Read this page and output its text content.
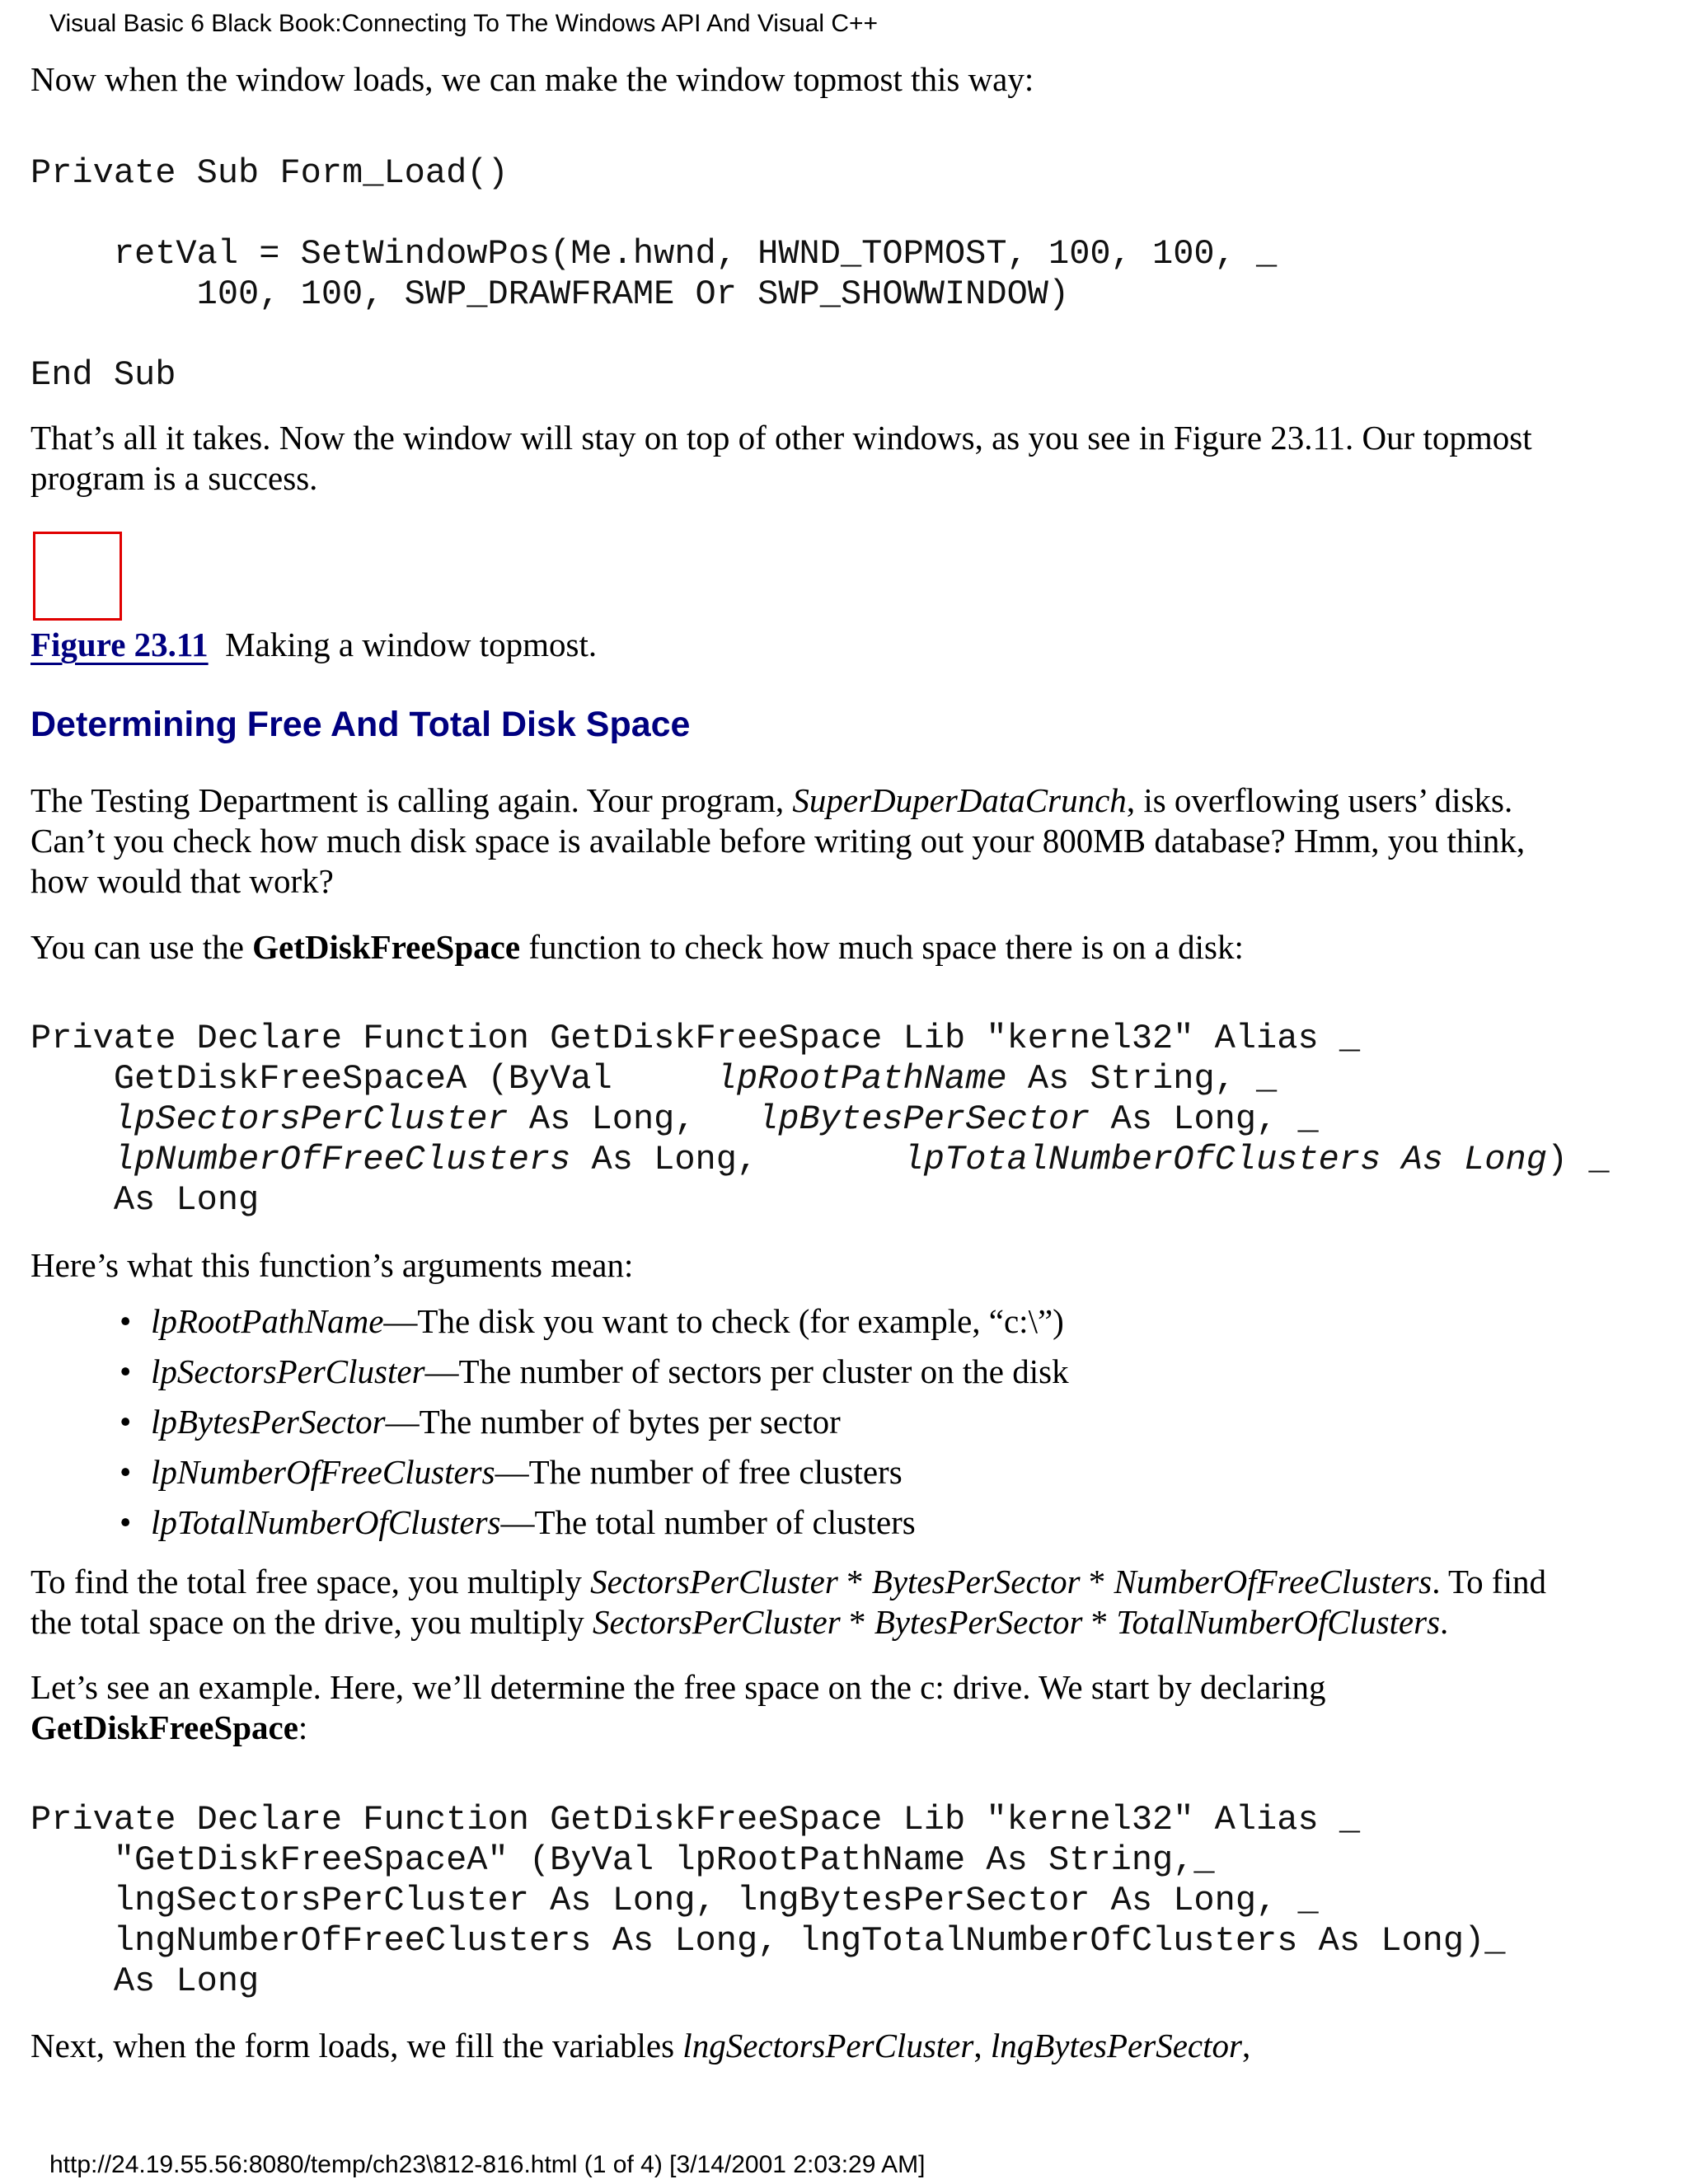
Visual Basic 6 Black Book:Connecting To The Windows API And Visual C++
Now when the window loads, we can make the window topmost this way:
Private Sub Form_Load()

retVal = SetWindowPos(Me.hwnd, HWND_TOPMOST, 100, 100, _
100, 100, SWP_DRAWFRAME Or SWP_SHOWWINDOW)

End Sub
That’s all it takes. Now the window will stay on top of other windows, as you see in Figure 23.11. Our topmost
program is a success.
Figure 23.11 Making a window topmost.
Determining Free And Total Disk Space
The Testing Department is calling again. Your program, SuperDuperDataCrunch, is overflowing users’ disks.
Can’t you check how much disk space is available before writing out your 800MB database? Hmm, you think,
how would that work?
You can use the GetDiskFreeSpace function to check how much space there is on a disk:
Private Declare Function GetDiskFreeSpace Lib "kernel32" Alias _
GetDiskFreeSpaceA (ByVal     lpRootPathName As String, _
lpSectorsPerCluster As Long,   lpBytesPerSector As Long, _
lpNumberOfFreeClusters As Long,       lpTotalNumberOfClusters As Long) _
As Long
Here’s what this function’s arguments mean:
• lpRootPathName—The disk you want to check (for example, “c:\”)
• lpSectorsPerCluster—The number of sectors per cluster on the disk
• lpBytesPerSector—The number of bytes per sector
• lpNumberOfFreeClusters—The number of free clusters
• lpTotalNumberOfClusters—The total number of clusters
To find the total free space, you multiply SectorsPerCluster * BytesPerSector * NumberOfFreeClusters. To find
the total space on the drive, you multiply SectorsPerCluster * BytesPerSector * TotalNumberOfClusters.
Let’s see an example. Here, we’ll determine the free space on the c: drive. We start by declaring
GetDiskFreeSpace:
Private Declare Function GetDiskFreeSpace Lib "kernel32" Alias _
"GetDiskFreeSpaceA" (ByVal lpRootPathName As String,_
lngSectorsPerCluster As Long, lngBytesPerSector As Long, _
lngNumberOfFreeClusters As Long, lngTotalNumberOfClusters As Long)_
As Long
Next, when the form loads, we fill the variables lngSectorsPerCluster, lngBytesPerSector,
http://24.19.55.56:8080/temp/ch23\812-816.html (1 of 4) [3/14/2001 2:03:29 AM]
